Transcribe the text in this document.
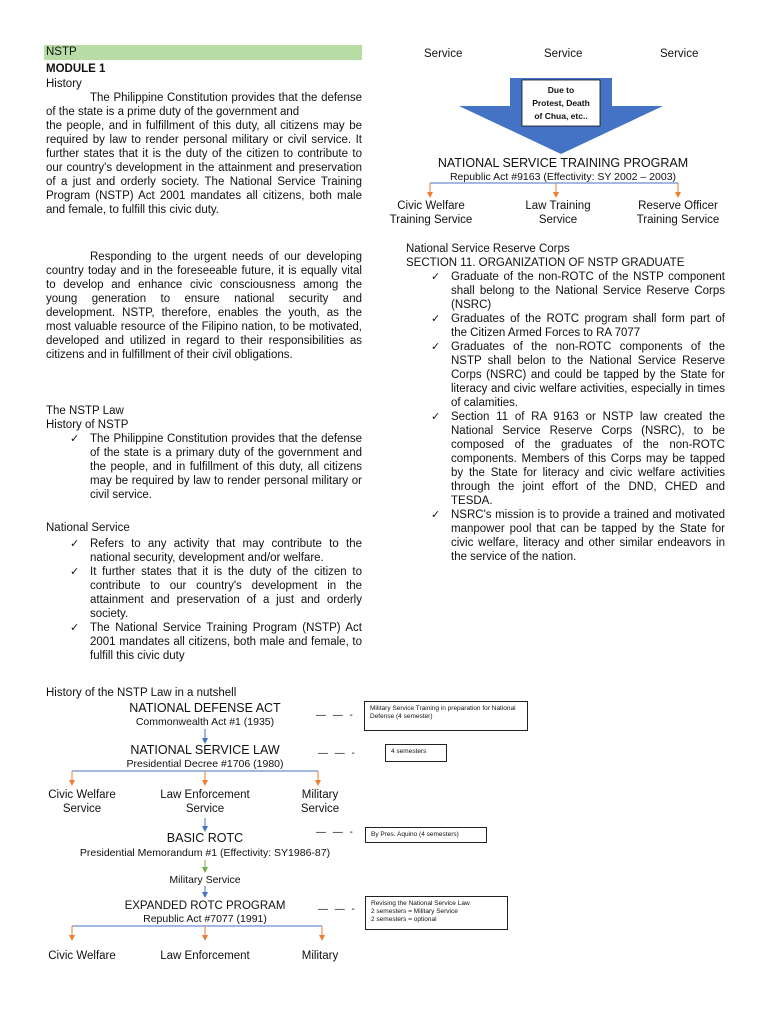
NSTP
MODULE 1
History
The Philippine Constitution provides that the defense of the state is a prime duty of the government and
the people, and in fulfillment of this duty, all citizens may be required by law to render personal military or civil service. It further states that it is the duty of the citizen to contribute to our country's development in the attainment and preservation of a just and orderly society. The National Service Training Program (NSTP) Act 2001 mandates all citizens, both male and female, to fulfill this civic duty.
Responding to the urgent needs of our developing country today and in the foreseeable future, it is equally vital to develop and enhance civic consciousness among the young generation to ensure national security and development. NSTP, therefore, enables the youth, as the most valuable resource of the Filipino nation, to be motivated, developed and utilized in regard to their responsibilities as citizens and in fulfillment of their civil obligations.
The NSTP Law
History of NSTP
✓ The Philippine Constitution provides that the defense of the state is a primary duty of the government and the people, and in fulfillment of this duty, all citizens may be required by law to render personal military or civil service.
National Service
✓ Refers to any activity that may contribute to the national security, development and/or welfare.
✓ It further states that it is the duty of the citizen to contribute to our country's development in the attainment and preservation of a just and orderly society.
✓ The National Service Training Program (NSTP) Act 2001 mandates all citizens, both male and female, to fulfill this civic duty
History of the NSTP Law in a nutshell
NATIONAL DEFENSE ACT
Commonwealth Act #1 (1935)
— — -
Military Service Training in preparation for National Defense (4 semester)
NATIONAL SERVICE LAW
Presidential Decree #1706 (1980)
— — -	4 semesters
Civic Welfare
Service
Law Enforcement
Service
Military
Service
BASIC ROTC
Presidential Memorandum #1 (Effectivity: SY1986-87)
— — -	By Pres. Aquino (4 semesters)
Military Service
EXPANDED ROTC PROGRAM
Republic Act #7077 (1991)
— — -
Revising the National Service Law
2 semesters = Military Service
2 semesters = optional
Civic Welfare	Law Enforcement	Military
Service	Service	Service
Due to
Protest, Death
of Chua, etc..
NATIONAL SERVICE TRAINING PROGRAM
Republic Act #9163 (Effectivity: SY 2002 – 2003)
Civic Welfare
Training Service
Law Training
Service
Reserve Officer
Training Service
National Service Reserve Corps
SECTION 11. ORGANIZATION OF NSTP GRADUATE
✓ Graduate of the non-ROTC of the NSTP component shall belong to the National Service Reserve Corps (NSRC)
✓ Graduates of the ROTC program shall form part of the Citizen Armed Forces to RA 7077
✓ Graduates of the non-ROTC components of the NSTP shall belon to the National Service Reserve Corps (NSRC) and could be tapped by the State for literacy and civic welfare activities, especially in times of calamities.
✓ Section 11 of RA 9163 or NSTP law created the National Service Reserve Corps (NSRC), to be composed of the graduates of the non-ROTC components. Members of this Corps may be tapped by the State for literacy and civic welfare activities through the joint effort of the DND, CHED and TESDA.
✓ NSRC's mission is to provide a trained and motivated manpower pool that can be tapped by the State for civic welfare, literacy and other similar endeavors in the service of the nation.
